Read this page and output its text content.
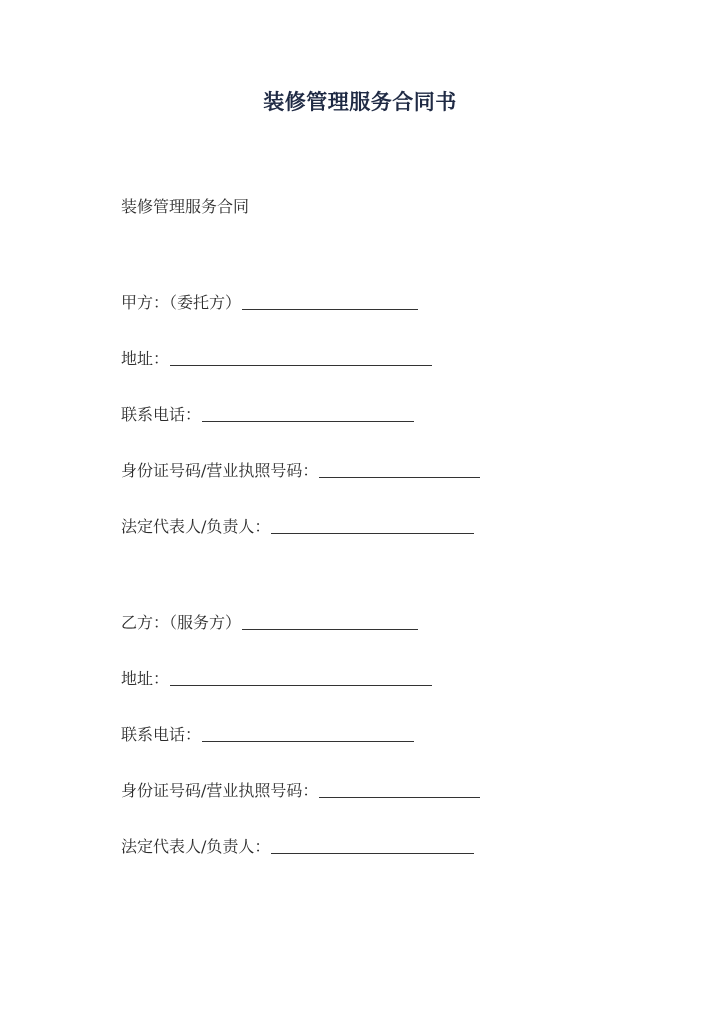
装修管理服务合同书
装修管理服务合同
甲方：（委托方）
地址：
联系电话：
身份证号码/营业执照号码：
法定代表人/负责人：
乙方：（服务方）
地址：
联系电话：
身份证号码/营业执照号码：
法定代表人/负责人：
